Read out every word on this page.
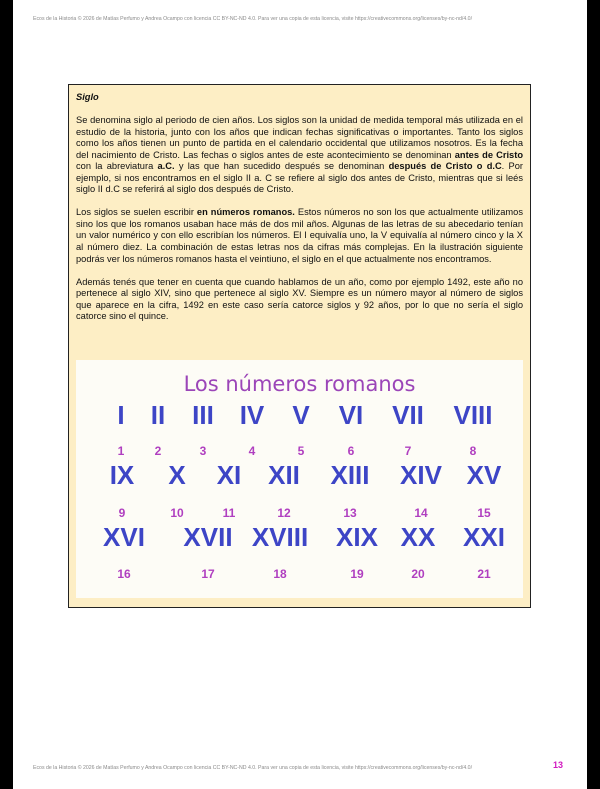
Ecos de la Historia © 2026 de Matías Perfumo y Andrea Ocampo con licencia CC BY-NC-ND 4.0. Para ver una copia de esta licencia, visite https://creativecommons.org/licenses/by-nc-nd/4.0/

Siglo

Se denomina siglo al periodo de cien años. Los siglos son la unidad de medida temporal más utilizada en el estudio de la historia, junto con los años que indican fechas significativas o importantes. Tanto los siglos como los años tienen un punto de partida en el calendario occidental que utilizamos nosotros. Es la fecha del nacimiento de Cristo. Las fechas o siglos antes de este acontecimiento se denominan antes de Cristo con la abreviatura a.C. y las que han sucedido después se denominan después de Cristo o d.C. Por ejemplo, si nos encontramos en el siglo II a. C se refiere al siglo dos antes de Cristo, mientras que si leés siglo II d.C se referirá al siglo dos después de Cristo.

Los siglos se suelen escribir en números romanos. Estos números no son los que actualmente utilizamos sino los que los romanos usaban hace más de dos mil años. Algunas de las letras de su abecedario tenían un valor numérico y con ello escribían los números. El I equivalía uno, la V equivalía al número cinco y la X al número diez. La combinación de estas letras nos da cifras más complejas. En la ilustración siguiente podrás ver los números romanos hasta el veintiuno, el siglo en el que actualmente nos encontramos.

Además tenés que tener en cuenta que cuando hablamos de un año, como por ejemplo 1492, este año no pertenece al siglo XIV, sino que pertenece al siglo XV. Siempre es un número mayor al número de siglos que aparece en la cifra, 1492 en este caso sería catorce siglos y 92 años, por lo que no sería el siglo catorce sino el quince.

Los números romanos
I
1
II
2
III
3
IV
4
V
5
VI
6
VII
7
VIII
8
IX
9
X
10
XI
11
XII
12
XIII
13
XIV
14
XV
15
XVI
16
XVII
17
XVIII
18
XIX
19
XX
20
XXI
21
Ecos de la Historia © 2026 de Matías Perfumo y Andrea Ocampo con licencia CC BY-NC-ND 4.0. Para ver una copia de esta licencia, visite https://creativecommons.org/licenses/by-nc-nd/4.0/	13
